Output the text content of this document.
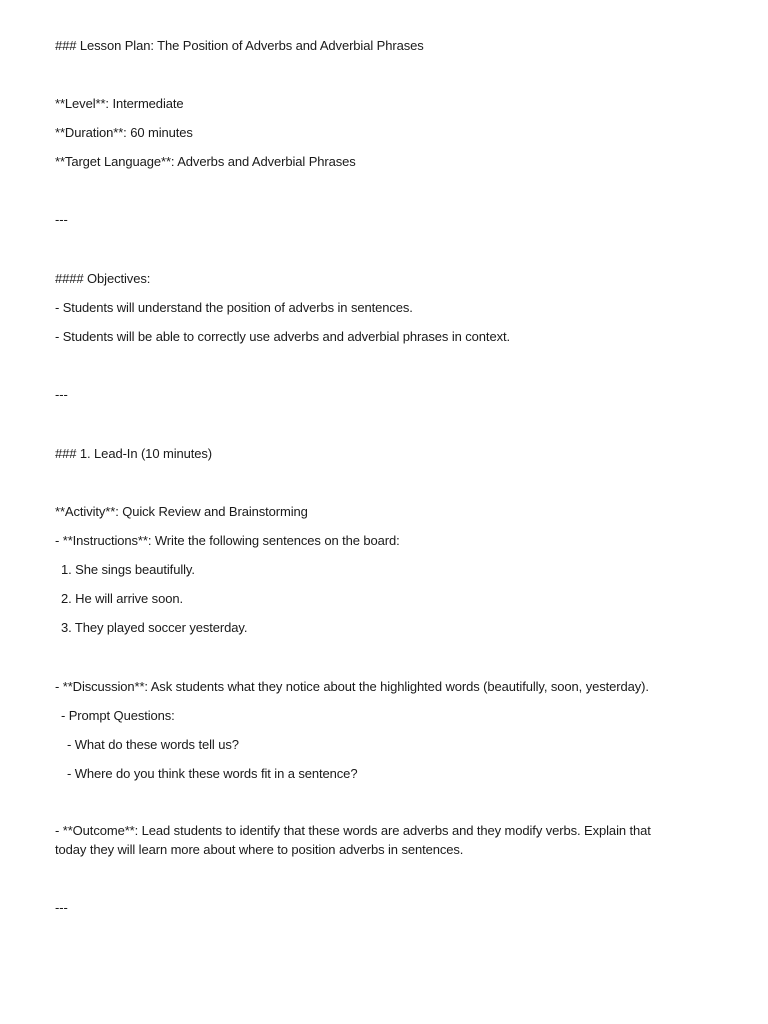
### Lesson Plan: The Position of Adverbs and Adverbial Phrases
**Level**: Intermediate
**Duration**: 60 minutes
**Target Language**: Adverbs and Adverbial Phrases
---
#### Objectives:
- Students will understand the position of adverbs in sentences.
- Students will be able to correctly use adverbs and adverbial phrases in context.
---
### 1. Lead-In (10 minutes)
**Activity**: Quick Review and Brainstorming
- **Instructions**: Write the following sentences on the board:
1. She sings beautifully.
2. He will arrive soon.
3. They played soccer yesterday.
- **Discussion**: Ask students what they notice about the highlighted words (beautifully, soon, yesterday).
- Prompt Questions:
- What do these words tell us?
- Where do you think these words fit in a sentence?
- **Outcome**: Lead students to identify that these words are adverbs and they modify verbs. Explain that today they will learn more about where to position adverbs in sentences.
---
